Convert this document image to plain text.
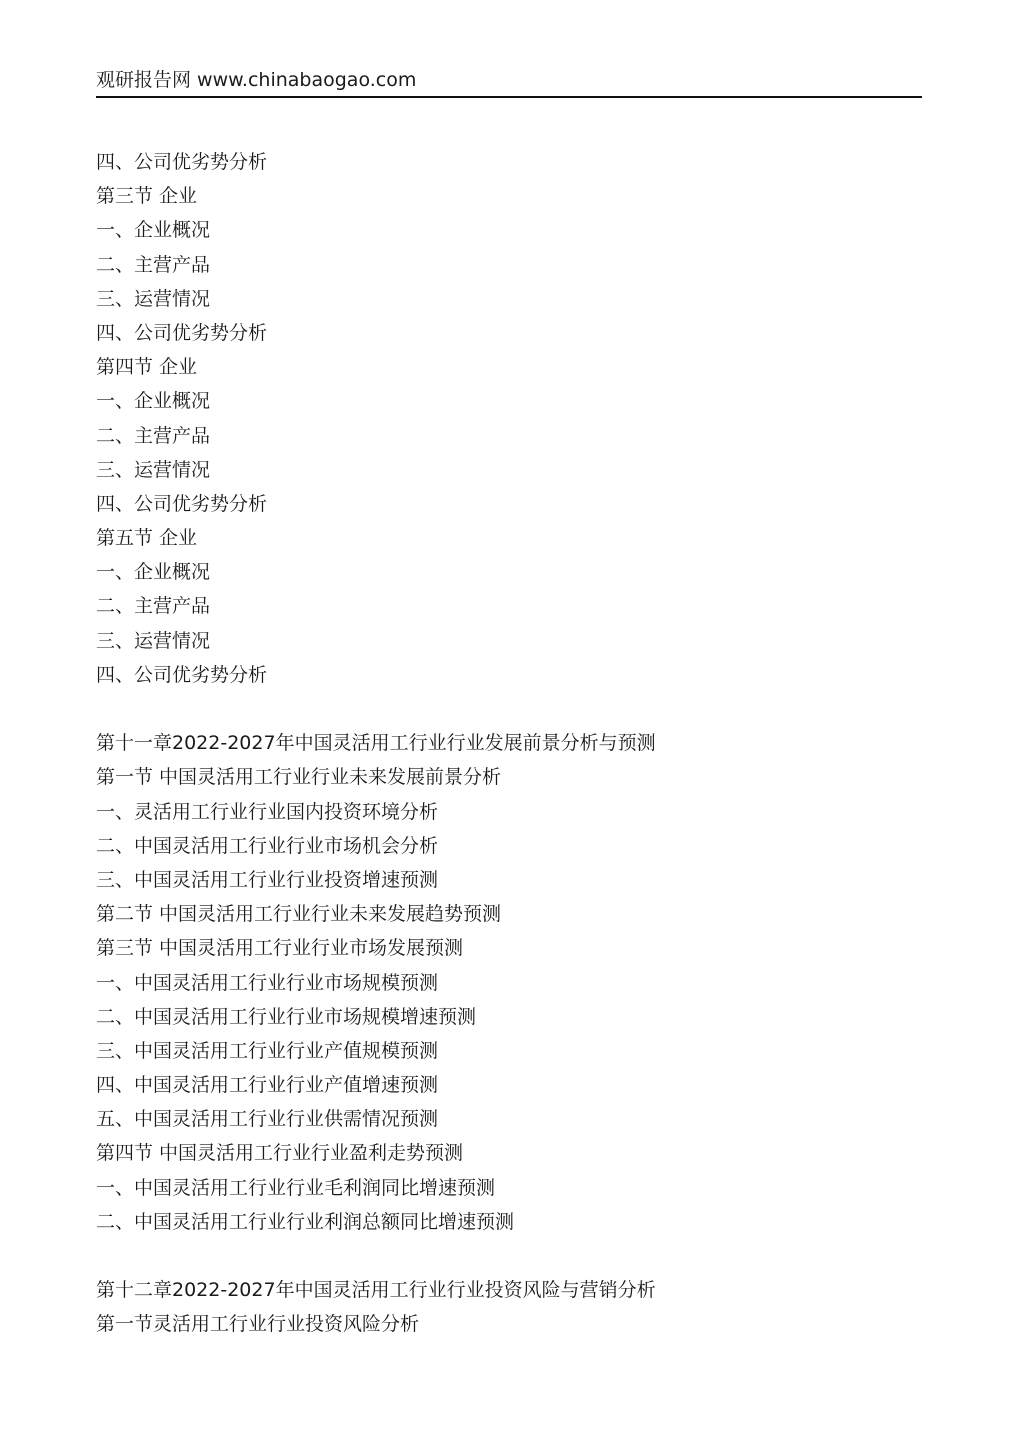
观研报告网 www.chinabaogao.com
四、公司优劣势分析
第三节 企业
一、企业概况
二、主营产品
三、运营情况
四、公司优劣势分析
第四节 企业
一、企业概况
二、主营产品
三、运营情况
四、公司优劣势分析
第五节 企业
一、企业概况
二、主营产品
三、运营情况
四、公司优劣势分析
第十一章2022-2027年中国灵活用工行业行业发展前景分析与预测
第一节 中国灵活用工行业行业未来发展前景分析
一、灵活用工行业行业国内投资环境分析
二、中国灵活用工行业行业市场机会分析
三、中国灵活用工行业行业投资增速预测
第二节 中国灵活用工行业行业未来发展趋势预测
第三节 中国灵活用工行业行业市场发展预测
一、中国灵活用工行业行业市场规模预测
二、中国灵活用工行业行业市场规模增速预测
三、中国灵活用工行业行业产值规模预测
四、中国灵活用工行业行业产值增速预测
五、中国灵活用工行业行业供需情况预测
第四节 中国灵活用工行业行业盈利走势预测
一、中国灵活用工行业行业毛利润同比增速预测
二、中国灵活用工行业行业利润总额同比增速预测
第十二章2022-2027年中国灵活用工行业行业投资风险与营销分析
第一节灵活用工行业行业投资风险分析
